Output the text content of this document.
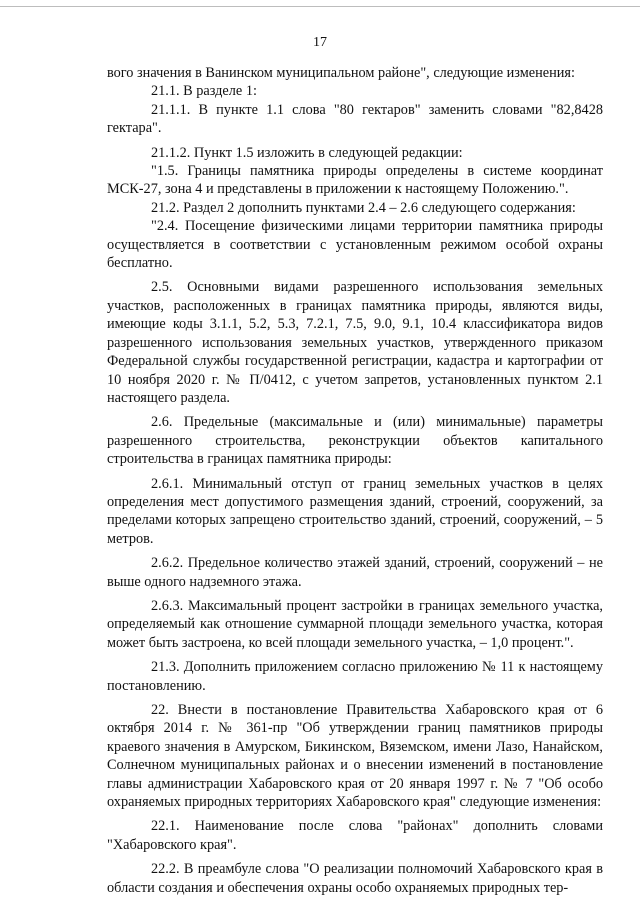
17

вого значения в Ванинском муниципальном районе", следующие изменения:

21.1. В разделе 1:

21.1.1. В пункте 1.1 слова "80 гектаров" заменить словами "82,8428 гектара".

21.1.2. Пункт 1.5 изложить в следующей редакции:

"1.5. Границы памятника природы определены в системе координат МСК-27, зона 4 и представлены в приложении к настоящему Положению.".

21.2. Раздел 2 дополнить пунктами 2.4 – 2.6 следующего содержания:

"2.4. Посещение физическими лицами территории памятника природы осуществляется в соответствии с установленным режимом особой охраны бесплатно.

2.5. Основными видами разрешенного использования земельных участков, расположенных в границах памятника природы, являются виды, имеющие коды 3.1.1, 5.2, 5.3, 7.2.1, 7.5, 9.0, 9.1, 10.4 классификатора видов разрешенного использования земельных участков, утвержденного приказом Федеральной службы государственной регистрации, кадастра и картографии от 10 ноября 2020 г. № П/0412, с учетом запретов, установленных пунктом 2.1 настоящего раздела.

2.6. Предельные (максимальные и (или) минимальные) параметры разрешенного строительства, реконструкции объектов капитального строительства в границах памятника природы:

2.6.1. Минимальный отступ от границ земельных участков в целях определения мест допустимого размещения зданий, строений, сооружений, за пределами которых запрещено строительство зданий, строений, сооружений, – 5 метров.

2.6.2. Предельное количество этажей зданий, строений, сооружений – не выше одного надземного этажа.

2.6.3. Максимальный процент застройки в границах земельного участка, определяемый как отношение суммарной площади земельного участка, которая может быть застроена, ко всей площади земельного участка, – 1,0 процент.".

21.3. Дополнить приложением согласно приложению № 11 к настоящему постановлению.

22. Внести в постановление Правительства Хабаровского края от 6 октября 2014 г. № 361-пр "Об утверждении границ памятников природы краевого значения в Амурском, Бикинском, Вяземском, имени Лазо, Нанайском, Солнечном муниципальных районах и о внесении изменений в постановление главы администрации Хабаровского края от 20 января 1997 г. № 7 "Об особо охраняемых природных территориях Хабаровского края" следующие изменения:

22.1. Наименование после слова "районах" дополнить словами "Хабаровского края".

22.2. В преамбуле слова "О реализации полномочий Хабаровского края в области создания и обеспечения охраны особо охраняемых природных тер-
